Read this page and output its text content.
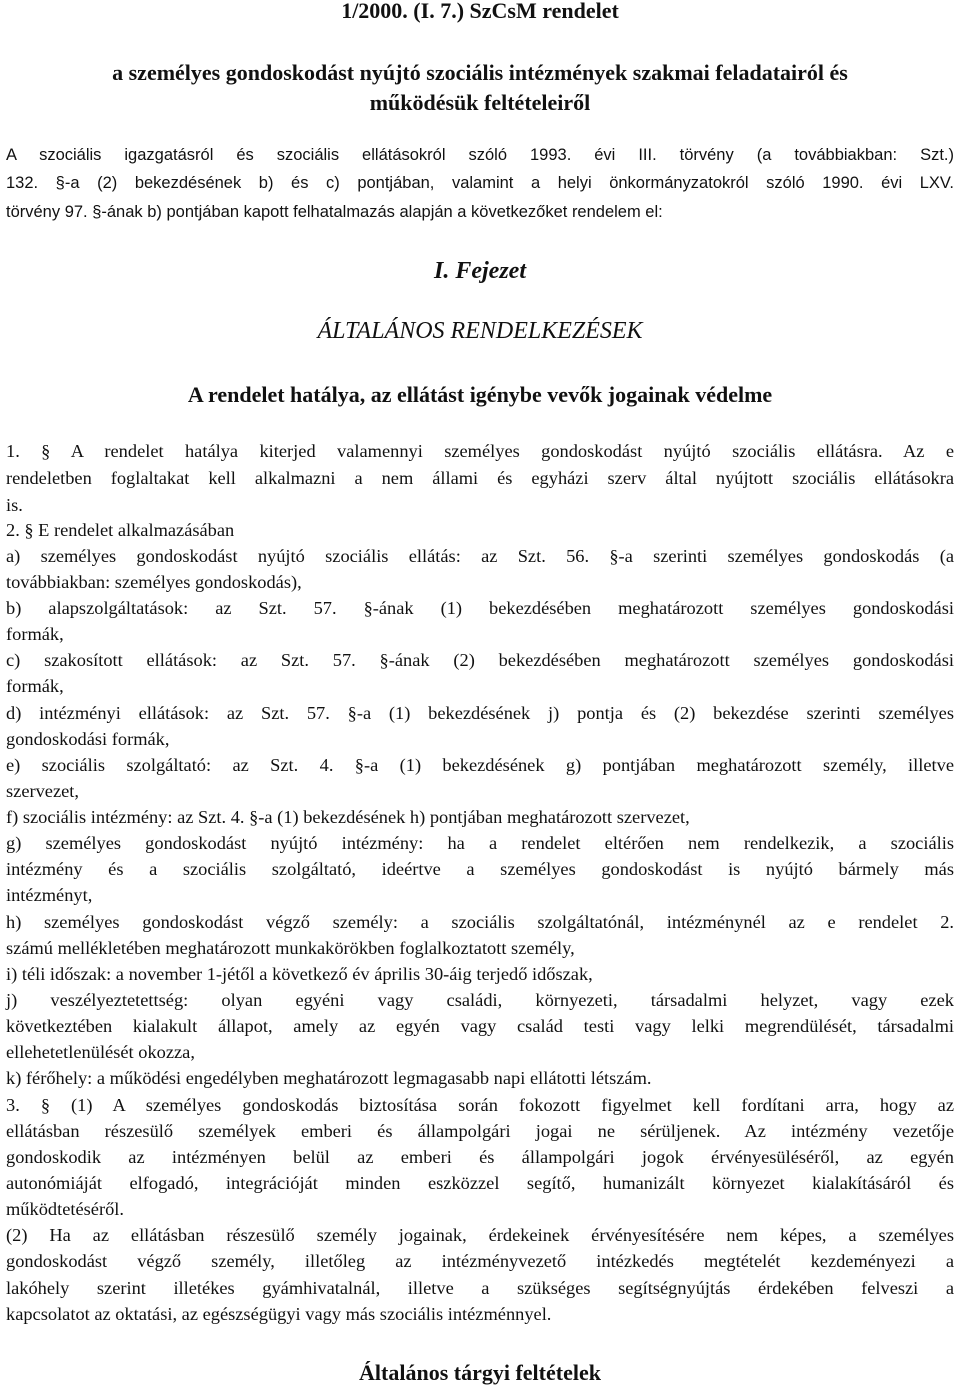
1/2000. (I. 7.) SzCsM rendelet
a személyes gondoskodást nyújtó szociális intézmények szakmai feladatairól és
működésük feltételeiről
A szociális igazgatásról és szociális ellátásokról szóló 1993. évi III. törvény (a továbbiakban: Szt.)
132. §-a (2) bekezdésének b) és c) pontjában, valamint a helyi önkormányzatokról szóló 1990. évi LXV.
törvény 97. §-ának b) pontjában kapott felhatalmazás alapján a következőket rendelem el:
I. Fejezet
ÁLTALÁNOS RENDELKEZÉSEK
A rendelet hatálya, az ellátást igénybe vevők jogainak védelme
1. § A rendelet hatálya kiterjed valamennyi személyes gondoskodást nyújtó szociális ellátásra. Az e
rendeletben foglaltakat kell alkalmazni a nem állami és egyházi szerv által nyújtott szociális ellátásokra
is.
2. § E rendelet alkalmazásában
a) személyes gondoskodást nyújtó szociális ellátás: az Szt. 56. §-a szerinti személyes gondoskodás (a
továbbiakban: személyes gondoskodás),
b) alapszolgáltatások: az Szt. 57. §-ának (1) bekezdésében meghatározott személyes gondoskodási
formák,
c) szakosított ellátások: az Szt. 57. §-ának (2) bekezdésében meghatározott személyes gondoskodási
formák,
d) intézményi ellátások: az Szt. 57. §-a (1) bekezdésének j) pontja és (2) bekezdése szerinti személyes
gondoskodási formák,
e) szociális szolgáltató: az Szt. 4. §-a (1) bekezdésének g) pontjában meghatározott személy, illetve
szervezet,
f) szociális intézmény: az Szt. 4. §-a (1) bekezdésének h) pontjában meghatározott szervezet,
g) személyes gondoskodást nyújtó intézmény: ha a rendelet eltérően nem rendelkezik, a szociális
intézmény és a szociális szolgáltató, ideértve a személyes gondoskodást is nyújtó bármely más
intézményt,
h) személyes gondoskodást végző személy: a szociális szolgáltatónál, intézménynél az e rendelet 2.
számú mellékletében meghatározott munkakörökben foglalkoztatott személy,
i) téli időszak: a november 1-jétől a következő év április 30-áig terjedő időszak,
j) veszélyeztetettség: olyan egyéni vagy családi, környezeti, társadalmi helyzet, vagy ezek
következtében kialakult állapot, amely az egyén vagy család testi vagy lelki megrendülését, társadalmi
ellehetetlenülését okozza,
k) férőhely: a működési engedélyben meghatározott legmagasabb napi ellátotti létszám.
3. § (1) A személyes gondoskodás biztosítása során fokozott figyelmet kell fordítani arra, hogy az
ellátásban részesülő személyek emberi és állampolgári jogai ne sérüljenek. Az intézmény vezetője
gondoskodik az intézményen belül az emberi és állampolgári jogok érvényesüléséről, az egyén
autonómiáját elfogadó, integrációját minden eszközzel segítő, humanizált környezet kialakításáról és
működtetéséről.
(2) Ha az ellátásban részesülő személy jogainak, érdekeinek érvényesítésére nem képes, a személyes
gondoskodást végző személy, illetőleg az intézményvezető intézkedés megtételét kezdeményezi a
lakóhely szerint illetékes gyámhivatalnál, illetve a szükséges segítségnyújtás érdekében felveszi a
kapcsolatot az oktatási, az egészségügyi vagy más szociális intézménnyel.
Általános tárgyi feltételek
